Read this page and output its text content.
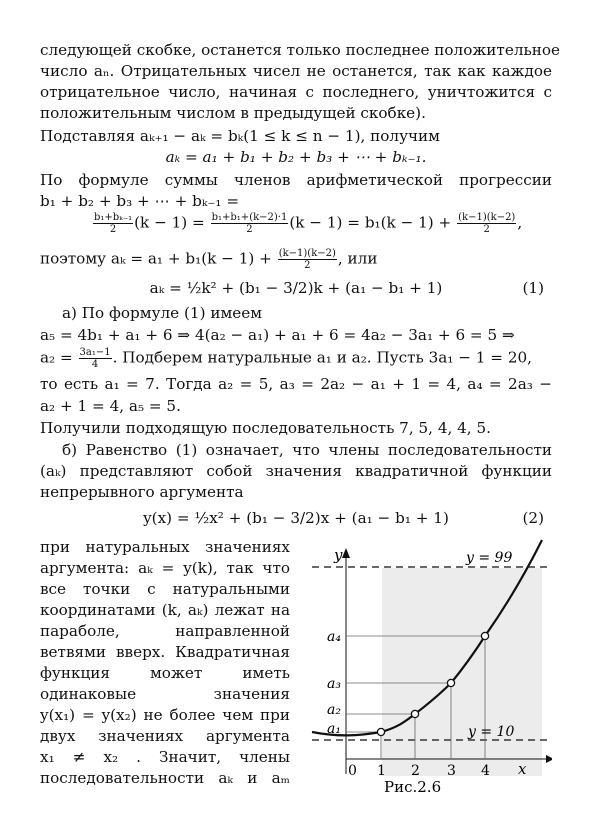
следующей скобке, останется только последнее положительное
число aₙ. Отрицательных чисел не останется, так как каждое
отрицательное число, начиная с последнего, уничтожится с
положительным числом в предыдущей скобке).
Подставляя aₖ₊₁ − aₖ = bₖ(1 ≤ k ≤ n − 1), получим
aₖ = a₁ + b₁ + b₂ + b₃ + ⋯ + bₖ₋₁.
По формуле суммы членов арифметической прогрессии
b₁ + b₂ + b₃ + ⋯ + bₖ₋₁ =
$\frac{\text{b₁+bₖ₋₁}}{2} (k - 1) = \frac{\text{b₁+b₁+(k−2)·1}}{2} (k - 1) = b_1(k - 1) + \frac{(k-1)(k-2)}{2}$ ,
поэтому $a_k = a_1 + b_1(k - 1) + \frac{(k-1)(k-2)}{2}$ , или
aₖ = ½k² + (b₁ − 3/2)k + (a₁ − b₁ + 1)	(1)
а) По формуле (1) имеем
a₅ = 4b₁ + a₁ + 6 ⇒ 4(a₂ − a₁) + a₁ + 6 = 4a₂ − 3a₁ + 6 = 5 ⇒
$a_2 = \frac{\text{3a₁−1}}{4}$ . Подберем натуральные a₁ и a₂. Пусть 3a₁ − 1 = 20,
то есть a₁ = 7. Тогда a₂ = 5, a₃ = 2a₂ − a₁ + 1 = 4, a₄ = 2a₃ −
a₂ + 1 = 4, a₅ = 5.
Получили подходящую последовательность 7, 5, 4, 4, 5.
б) Равенство (1) означает, что члены последовательности
(aₖ) представляют собой значения квадратичной функции
непрерывного аргумента
y(x) = ½x² + (b₁ − 3/2)x + (a₁ − b₁ + 1)	(2)
при натуральных значениях
аргумента: aₖ = y(k), так что
все точки с натуральными
координатами (k, aₖ) лежат на
параболе, направленной
ветвями вверх. Квадратичная
функция может иметь
одинаковые значения
y(x₁) = y(x₂) не более чем при
двух значениях аргумента
x₁ ≠ x₂ . Значит, члены
последовательности aₖ и aₘ
y
x
y = 99
y = 10
a₄
a₃
a₂
a₁
0 1 2 3 4
Рис.2.6
